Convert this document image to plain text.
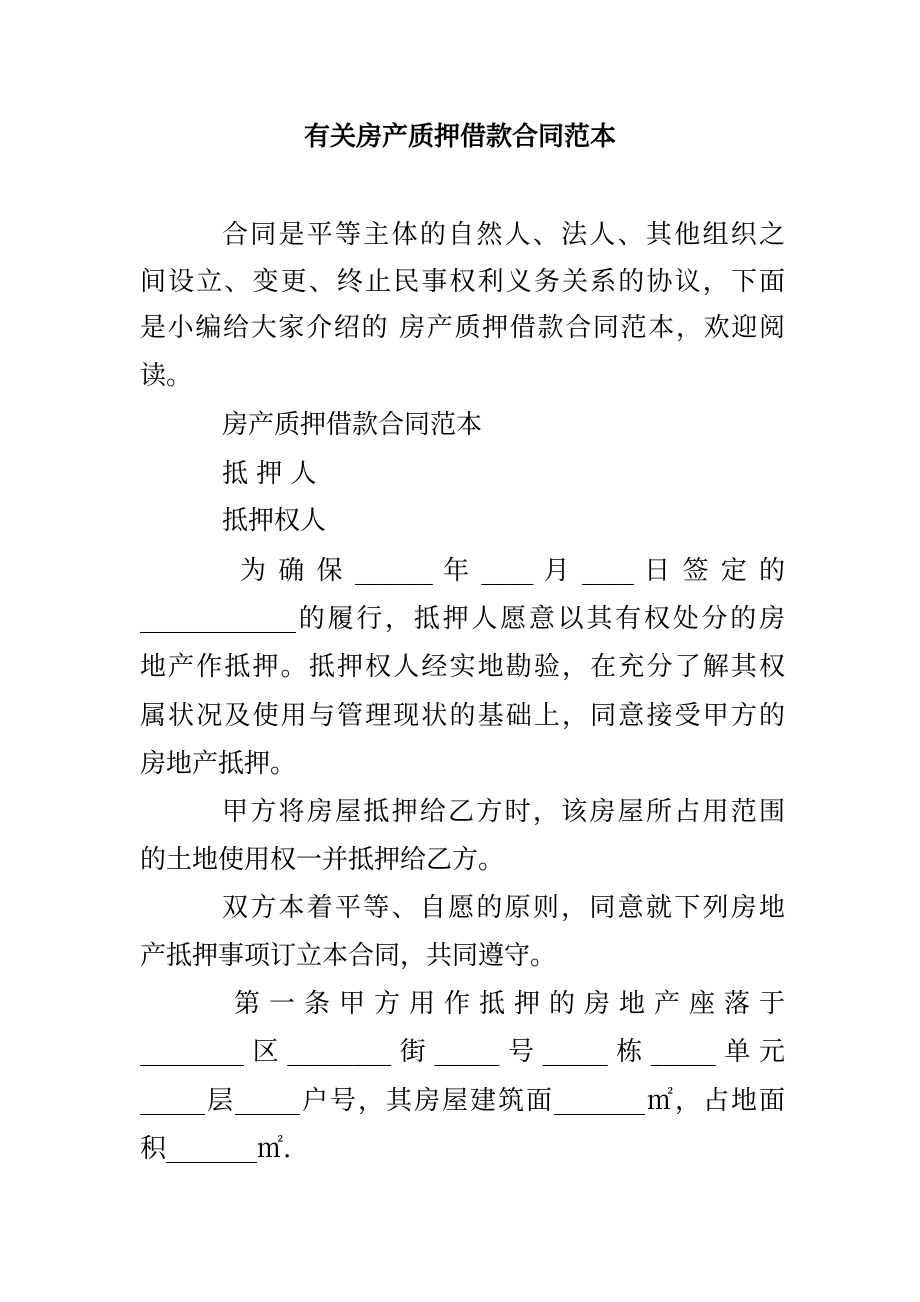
有关房产质押借款合同范本
合同是平等主体的自然人、法人、其他组织之
间设立、变更、终止民事权利义务关系的协议，下面
是小编给大家介绍的 房产质押借款合同范本，欢迎阅
读。
房产质押借款合同范本
抵 押 人
抵押权人
为 确 保 ______ 年 ____ 月 ____ 日 签 定 的
____________的履行，抵押人愿意以其有权处分的房
地产作抵押。抵押权人经实地勘验，在充分了解其权
属状况及使用与管理现状的基础上，同意接受甲方的
房地产抵押。
甲方将房屋抵押给乙方时，该房屋所占用范围
的土地使用权一并抵押给乙方。
双方本着平等、自愿的原则，同意就下列房地
产抵押事项订立本合同，共同遵守。
第 一 条 甲 方 用 作 抵 押 的 房 地 产 座 落 于
________区________街_____号_____栋_____单元
_____层_____户号，其房屋建筑面_______㎡，占地面
积_______㎡.
